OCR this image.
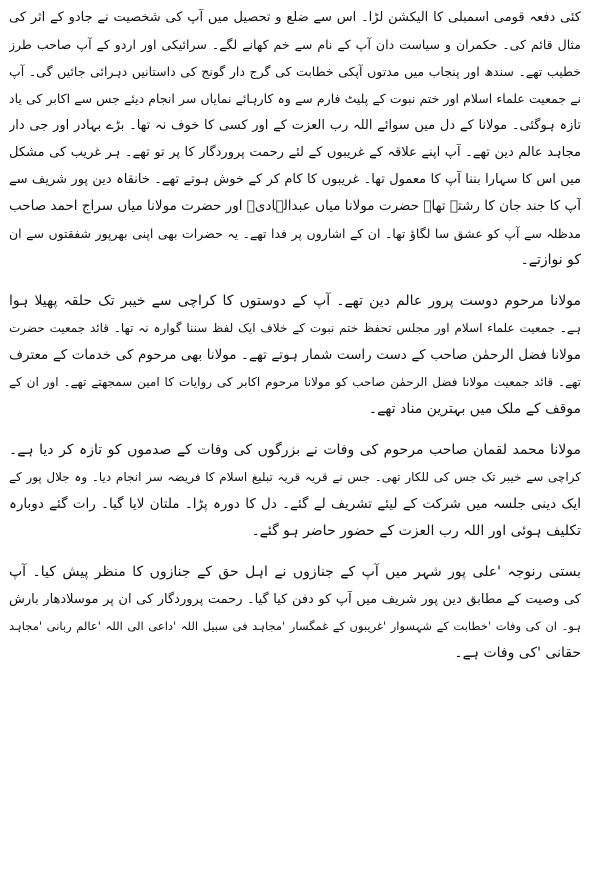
کئی دفعہ قومی اسمبلی کا الیکشن لڑا۔ اس سے ضلع و تحصیل میں آپ کی شخصیت نے جادو کے اثر کی
مثال قائم کی۔ حکمران و سیاست دان آپ کے نام سے خم کھانے لگے۔ سرائیکی اور اردو کے آپ صاحب طرز
خطیب تھے۔ سندھ اور پنجاب میں مدتوں آپکی خطابت کی گرج دار گونج کی داستانیں دہرائی جائیں گی۔ آپ
نے جمعیت علماء اسلام اور ختم نبوت کے پلیٹ فارم سے وہ کارہائے نمایاں سر انجام دیئے جس سے اکابر کی یاد
تازہ ہوگئی۔ مولانا کے دل میں سوائے اللہ رب العزت کے اور کسی کا خوف نہ تھا۔ بڑے بہادر اور جی دار
مجاہد عالم دین تھے۔ آپ اپنے علاقہ کے غریبوں کے لئے رحمت پروردگار کا پر تو تھے۔ ہر غریب کی مشکل
میں اس کا سہارا بننا آپ کا معمول تھا۔ غریبوں کا کام کر کے خوش ہوتے تھے۔ خانقاہ دین پور شریف سے
آپ کا جند جان کا رشتہ تھا۔ حضرت مولانا میاں عبدالہادیؒ اور حضرت مولانا میاں سراج احمد صاحب
مدظلہ سے آپ کو عشق سا لگاؤ تھا۔ ان کے اشاروں پر فدا تھے۔ یہ حضرات بھی اپنی بھرپور شفقتوں سے ان
کو نوازتے۔
مولانا مرحوم دوست پرور عالم دین تھے۔ آپ کے دوستوں کا کراچی سے خیبر تک حلقہ پھیلا ہوا
ہے۔ جمعیت علماء اسلام اور مجلس تحفظ ختم نبوت کے خلاف ایک لفظ سننا گوارہ نہ تھا۔ قائد جمعیت حضرت
مولانا فضل الرحمٰن صاحب کے دست راست شمار ہوتے تھے۔ مولانا بھی مرحوم کی خدمات کے معترف
تھے۔ قائد جمعیت مولانا فضل الرحمٰن صاحب کو مولانا مرحوم اکابر کی روایات کا امین سمجھتے تھے۔ اور ان کے
موقف کے ملک میں بہترین مناد تھے۔
مولانا محمد لقمان صاحب مرحوم کی وفات نے بزرگوں کی وفات کے صدموں کو تازہ کر دیا ہے۔
کراچی سے خیبر تک جس کی للکار تھی۔ جس نے قریہ قریہ تبلیغ اسلام کا فریضہ سر انجام دیا۔ وہ جلال پور کے
ایک دینی جلسہ میں شرکت کے لیئے تشریف لے گئے۔ دل کا دورہ پڑا۔ ملتان لایا گیا۔ رات گئے دوبارہ
تکلیف ہوئی اور اللہ رب العزت کے حضور حاضر ہو گئے۔
بستی رنوجہ 'علی پور شہر میں آپ کے جنازوں نے اہل حق کے جنازوں کا منظر پیش کیا۔ آپ
کی وصیت کے مطابق دین پور شریف میں آپ کو دفن کیا گیا۔ رحمت پروردگار کی ان پر موسلادھار بارش
ہو۔ ان کی وفات 'خطابت کے شہسوار 'غریبوں کے غمگسار 'مجاہد فی سبیل اللہ 'داعی الی اللہ 'عالم ربانی 'مجاہد
حقانی 'کی وفات ہے۔
